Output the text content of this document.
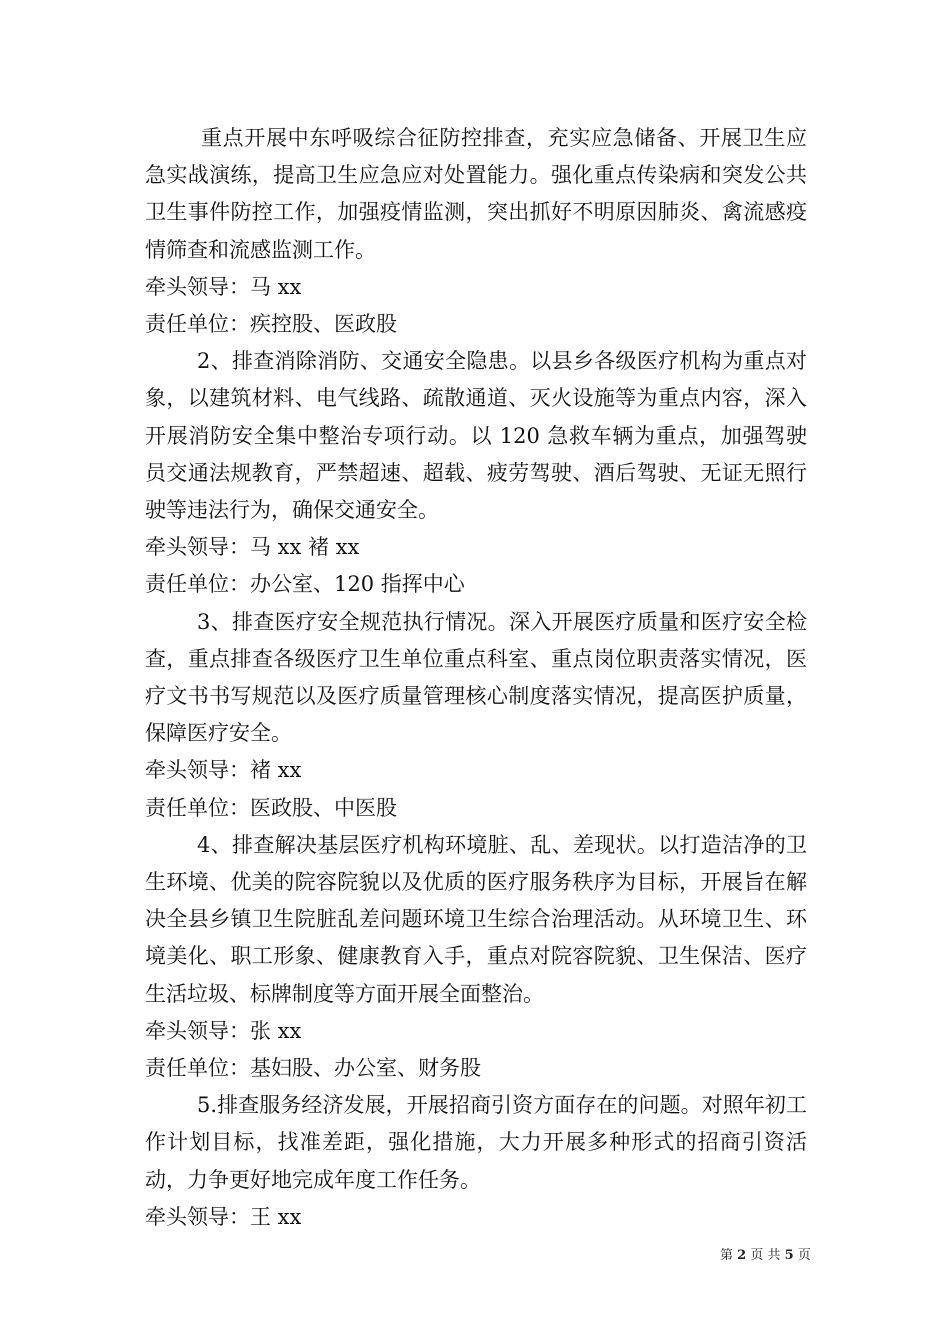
重点开展中东呼吸综合征防控排查，充实应急储备、开展卫生应急实战演练，提高卫生应急应对处置能力。强化重点传染病和突发公共卫生事件防控工作，加强疫情监测，突出抓好不明原因肺炎、禽流感疫情筛查和流感监测工作。

牵头领导：马 xx

责任单位：疾控股、医政股

2、排查消除消防、交通安全隐患。以县乡各级医疗机构为重点对象，以建筑材料、电气线路、疏散通道、灭火设施等为重点内容，深入开展消防安全集中整治专项行动。以 120 急救车辆为重点，加强驾驶员交通法规教育，严禁超速、超载、疲劳驾驶、酒后驾驶、无证无照行驶等违法行为，确保交通安全。

牵头领导：马 xx 褚 xx

责任单位：办公室、120 指挥中心

3、排查医疗安全规范执行情况。深入开展医疗质量和医疗安全检查，重点排查各级医疗卫生单位重点科室、重点岗位职责落实情况，医疗文书书写规范以及医疗质量管理核心制度落实情况，提高医护质量，保障医疗安全。

牵头领导：褚 xx

责任单位：医政股、中医股

4、排查解决基层医疗机构环境脏、乱、差现状。以打造洁净的卫生环境、优美的院容院貌以及优质的医疗服务秩序为目标，开展旨在解决全县乡镇卫生院脏乱差问题环境卫生综合治理活动。从环境卫生、环境美化、职工形象、健康教育入手，重点对院容院貌、卫生保洁、医疗生活垃圾、标牌制度等方面开展全面整治。

牵头领导：张 xx

责任单位：基妇股、办公室、财务股

5.排查服务经济发展，开展招商引资方面存在的问题。对照年初工作计划目标，找准差距，强化措施，大力开展多种形式的招商引资活动，力争更好地完成年度工作任务。

牵头领导：王 xx

第 2 页 共 5 页
